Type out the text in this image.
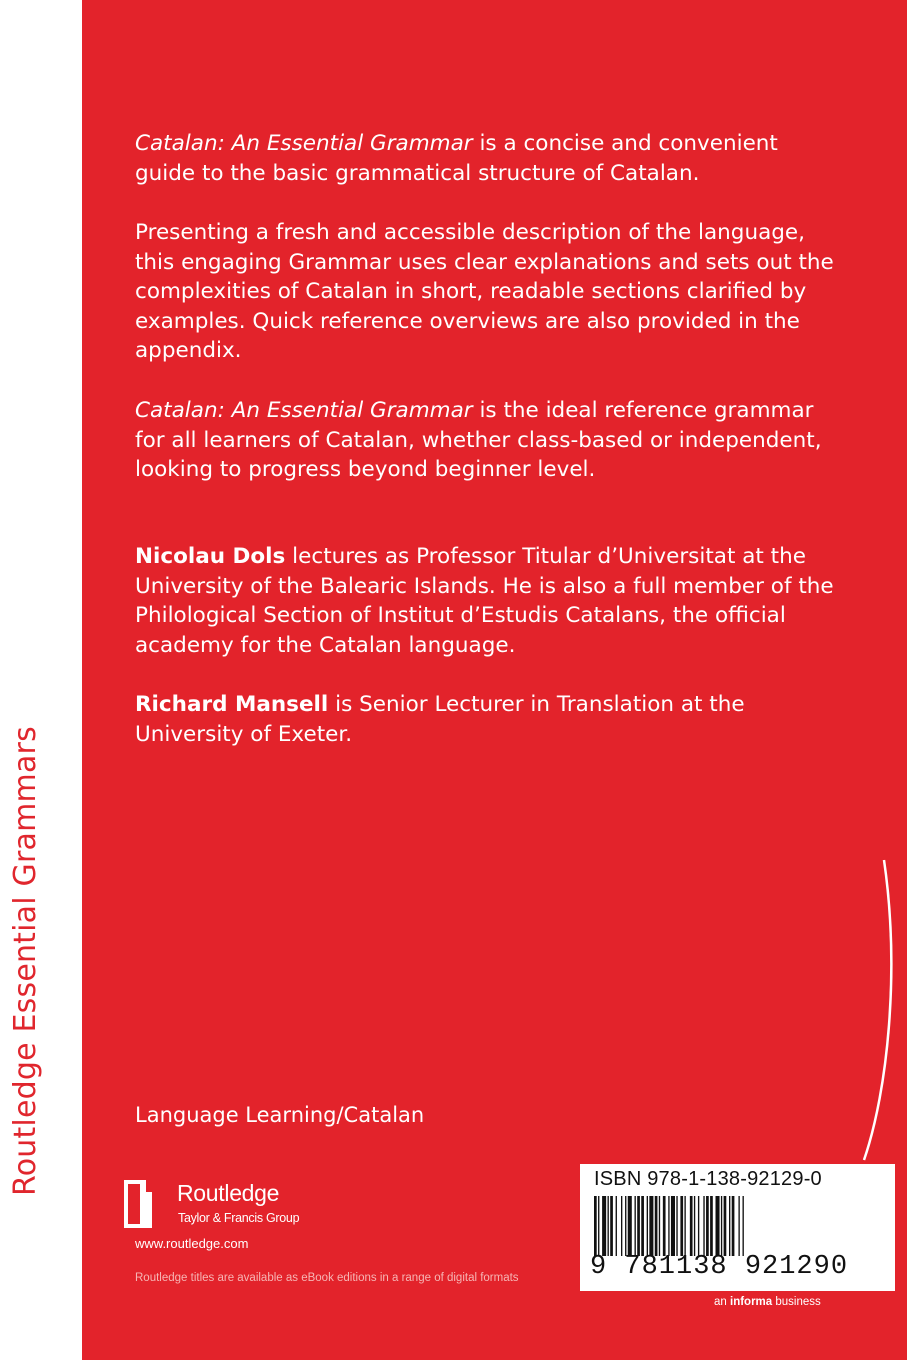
Routledge Essential Grammars

Catalan: An Essential Grammar is a concise and convenient guide to the basic grammatical structure of Catalan.

Presenting a fresh and accessible description of the language, this engaging Grammar uses clear explanations and sets out the complexities of Catalan in short, readable sections clarified by examples. Quick reference overviews are also provided in the appendix.

Catalan: An Essential Grammar is the ideal reference grammar for all learners of Catalan, whether class-based or independent, looking to progress beyond beginner level.

Nicolau Dols lectures as Professor Titular d’Universitat at the University of the Balearic Islands. He is also a full member of the Philological Section of Institut d’Estudis Catalans, the official academy for the Catalan language.

Richard Mansell is Senior Lecturer in Translation at the University of Exeter.

Language Learning/Catalan
Routledge
Taylor & Francis Group
www.routledge.com
Routledge titles are available as eBook editions in a range of digital formats
ISBN 978-1-138-92129-0
9 781138 921290
an informa business
